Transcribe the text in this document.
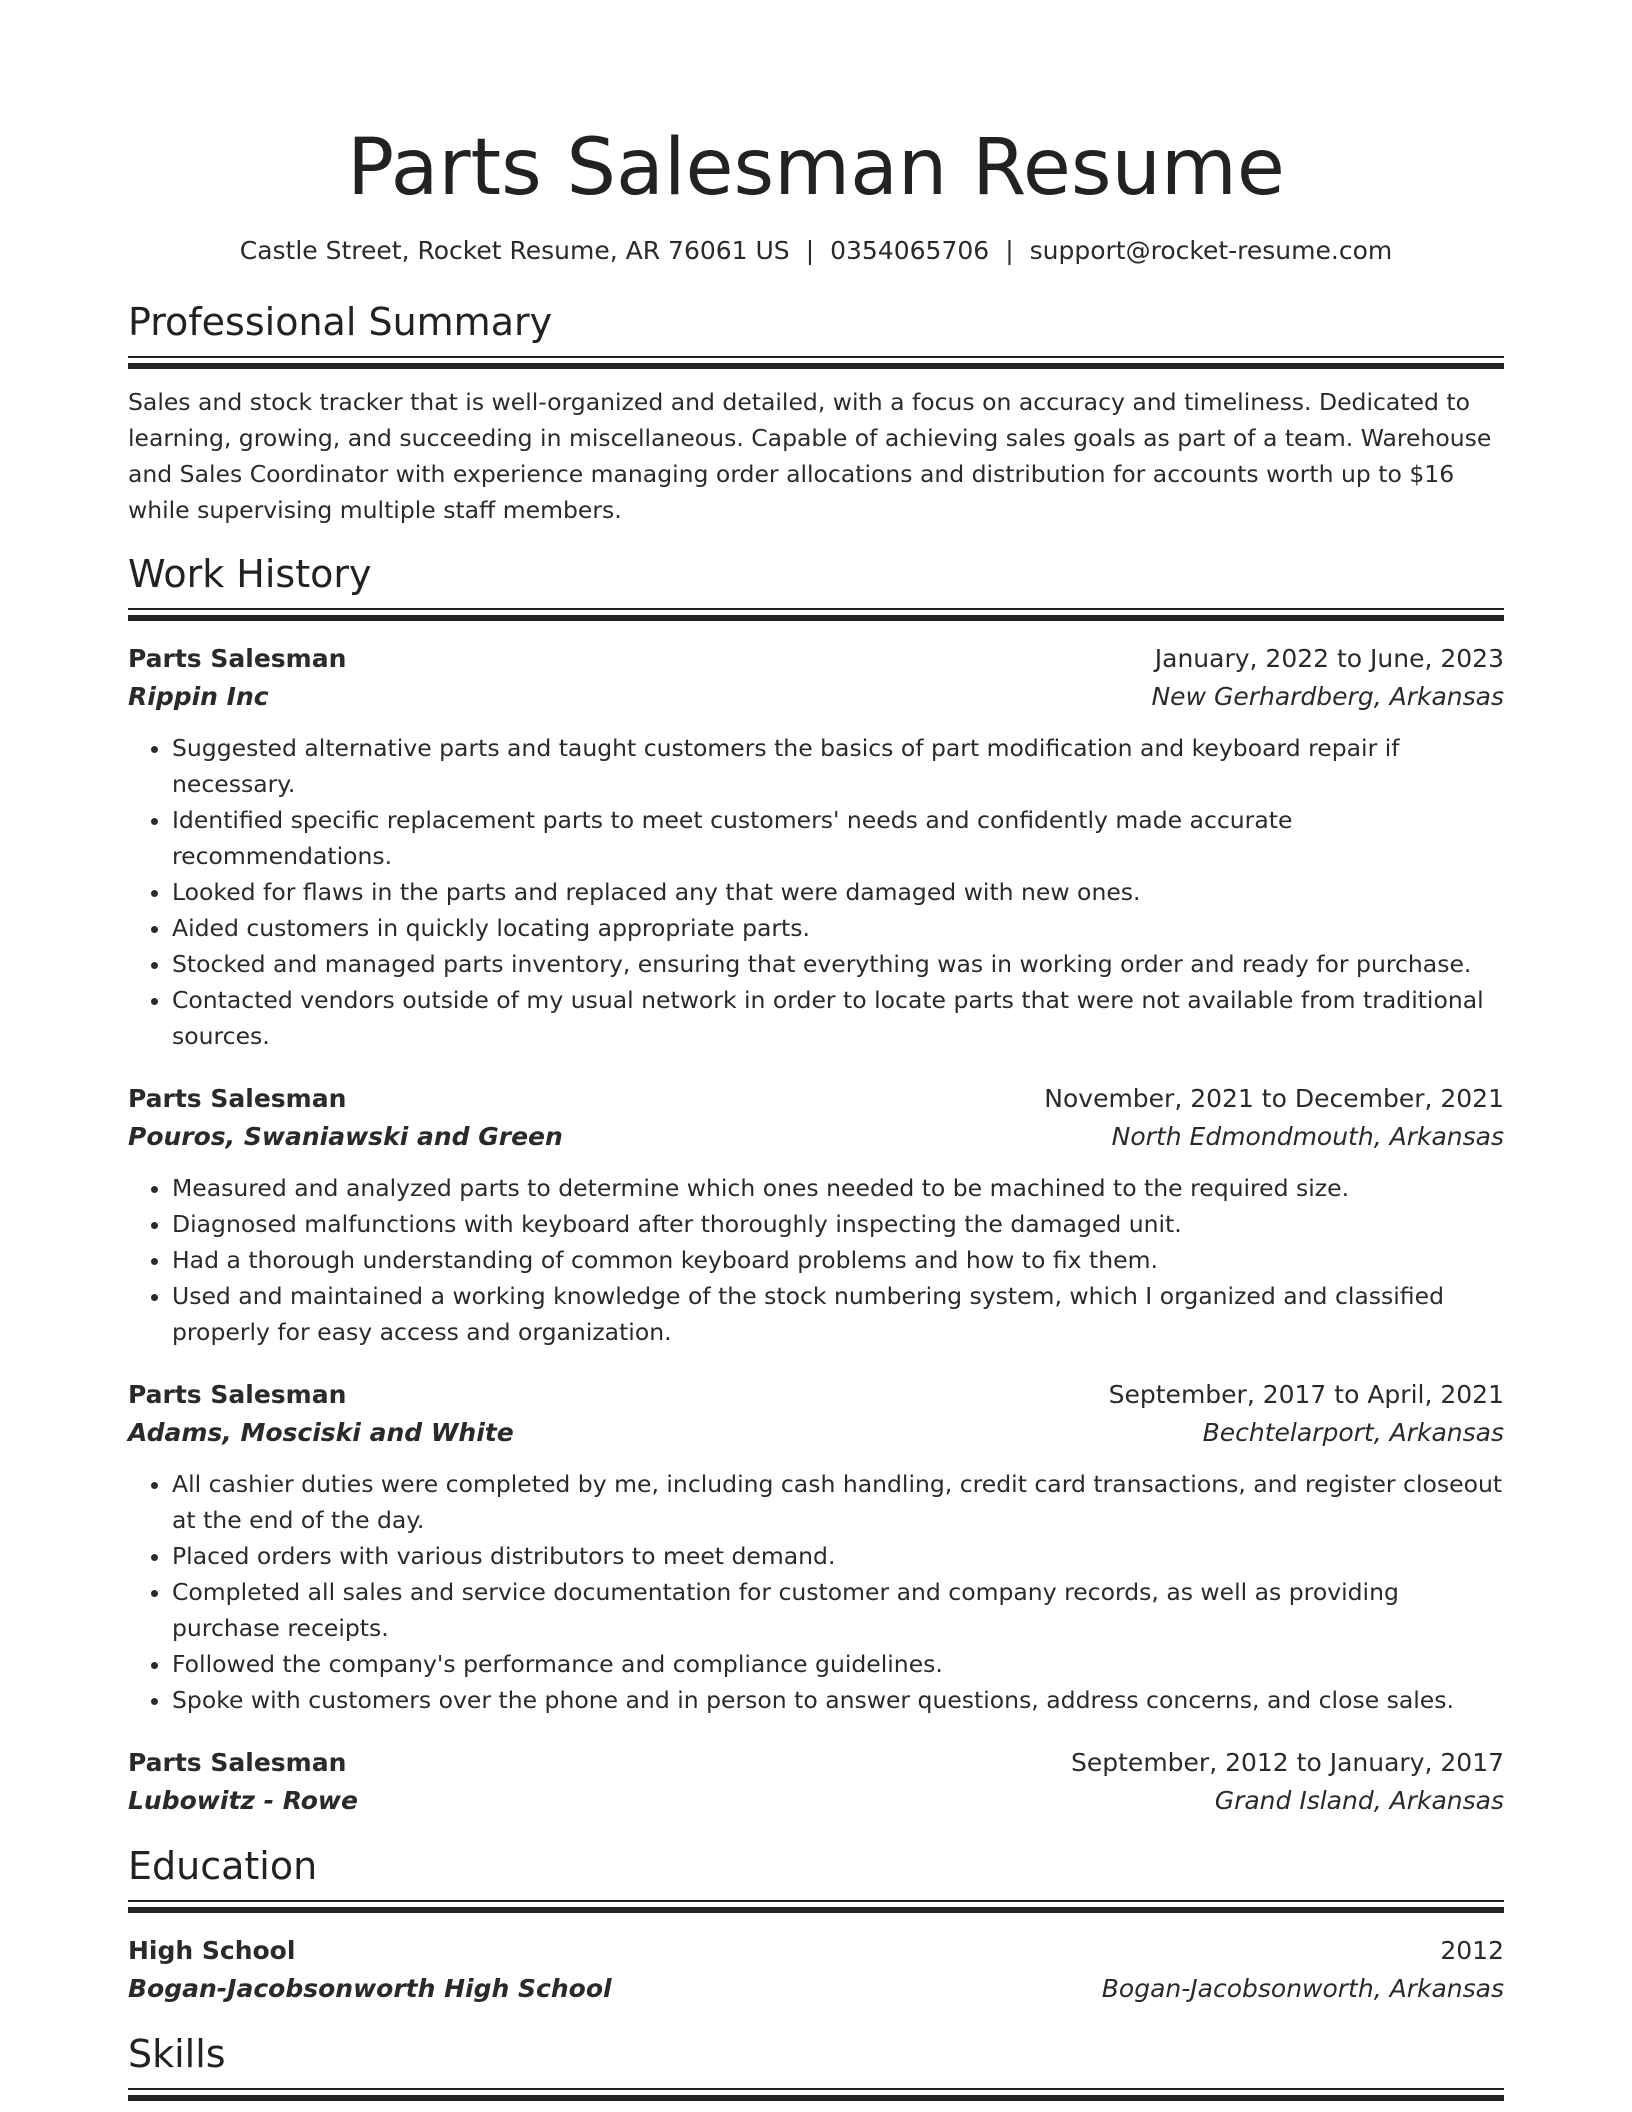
Parts Salesman Resume
Castle Street, Rocket Resume, AR 76061 US | 0354065706 | support@rocket-resume.com
Professional Summary
Sales and stock tracker that is well-organized and detailed, with a focus on accuracy and timeliness. Dedicated to learning, growing, and succeeding in miscellaneous. Capable of achieving sales goals as part of a team. Warehouse and Sales Coordinator with experience managing order allocations and distribution for accounts worth up to $16 while supervising multiple staff members.
Work History
Parts Salesman	January, 2022 to June, 2023
Rippin Inc	New Gerhardberg, Arkansas
• Suggested alternative parts and taught customers the basics of part modification and keyboard repair if necessary.
• Identified specific replacement parts to meet customers' needs and confidently made accurate recommendations.
• Looked for flaws in the parts and replaced any that were damaged with new ones.
• Aided customers in quickly locating appropriate parts.
• Stocked and managed parts inventory, ensuring that everything was in working order and ready for purchase.
• Contacted vendors outside of my usual network in order to locate parts that were not available from traditional sources.
Parts Salesman	November, 2021 to December, 2021
Pouros, Swaniawski and Green	North Edmondmouth, Arkansas
• Measured and analyzed parts to determine which ones needed to be machined to the required size.
• Diagnosed malfunctions with keyboard after thoroughly inspecting the damaged unit.
• Had a thorough understanding of common keyboard problems and how to fix them.
• Used and maintained a working knowledge of the stock numbering system, which I organized and classified properly for easy access and organization.
Parts Salesman	September, 2017 to April, 2021
Adams, Mosciski and White	Bechtelarport, Arkansas
• All cashier duties were completed by me, including cash handling, credit card transactions, and register closeout at the end of the day.
• Placed orders with various distributors to meet demand.
• Completed all sales and service documentation for customer and company records, as well as providing purchase receipts.
• Followed the company's performance and compliance guidelines.
• Spoke with customers over the phone and in person to answer questions, address concerns, and close sales.
Parts Salesman	September, 2012 to January, 2017
Lubowitz - Rowe	Grand Island, Arkansas
Education
High School	2012
Bogan-Jacobsonworth High School	Bogan-Jacobsonworth, Arkansas
Skills
